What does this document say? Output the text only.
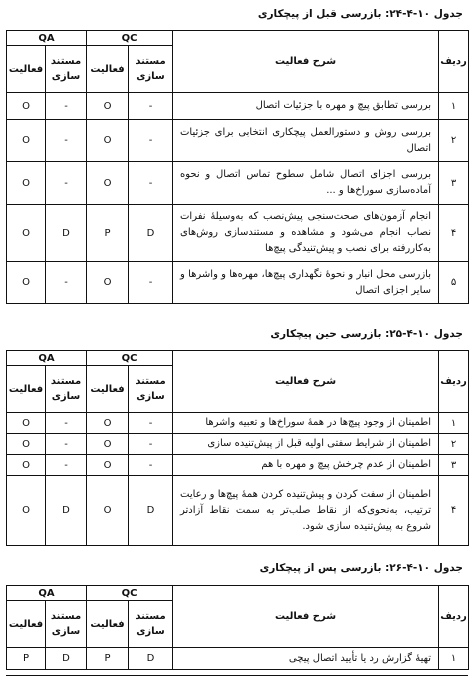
جدول ۱۰-۴-۲۴: بازرسی قبل از پیچکاری
QA		QC		شرح فعالیت	ردیف
فعالیت	مستند سازی	فعالیت	مستند سازی		
O	-	O	-	بررسی تطابق پیچ و مهره با جزئیات اتصال	۱
O	-	O	-	بررسی روش و دستورالعمل پیچکاری انتخابی برای جزئیات اتصال	۲
O	-	O	-	بررسی اجزای اتصال شامل سطوح تماس اتصال و نحوه آماده‌سازی سوراخ‌ها و ...	۳
O	D	P	D	انجام آزمون‌های صحت‌سنجی پیش‌نصب که به‌وسیلهٔ نفرات نصاب انجام می‌شود و مشاهده و مستندسازی روش‌های به‌کاررفته برای نصب و پیش‌تنیدگی پیچ‌ها	۴
O	-	O	-	بازرسی محل انبار و نحوهٔ نگهداری پیچ‌ها، مهره‌ها و واشرها و سایر اجزای اتصال	۵
جدول ۱۰-۴-۲۵: بازرسی حین پیچکاری
QA		QC		شرح فعالیت	ردیف
فعالیت	مستند سازی	فعالیت	مستند سازی		
O	-	O	-	اطمینان از وجود پیچ‌ها در همهٔ سوراخ‌ها و تعبیه واشرها	۱
O	-	O	-	اطمینان از شرایط سفتی اولیه قبل از پیش‌تنیده سازی	۲
O	-	O	-	اطمینان از عدم چرخش پیچ و مهره با هم	۳
O	D	O	D	اطمینان از سفت کردن و پیش‌تنیده کردن همهٔ پیچ‌ها و رعایت ترتیب، به‌نحوی‌که از نقاط صلب‌تر به سمت نقاط آزادتر شروع به پیش‌تنیده سازی شود.	۴
جدول ۱۰-۴-۲۶: بازرسی پس از پیچکاری
QA		QC		شرح فعالیت	ردیف
فعالیت	مستند سازی	فعالیت	مستند سازی		
P	D	P	D	تهیهٔ گزارش رد یا تأیید اتصال پیچی	۱
